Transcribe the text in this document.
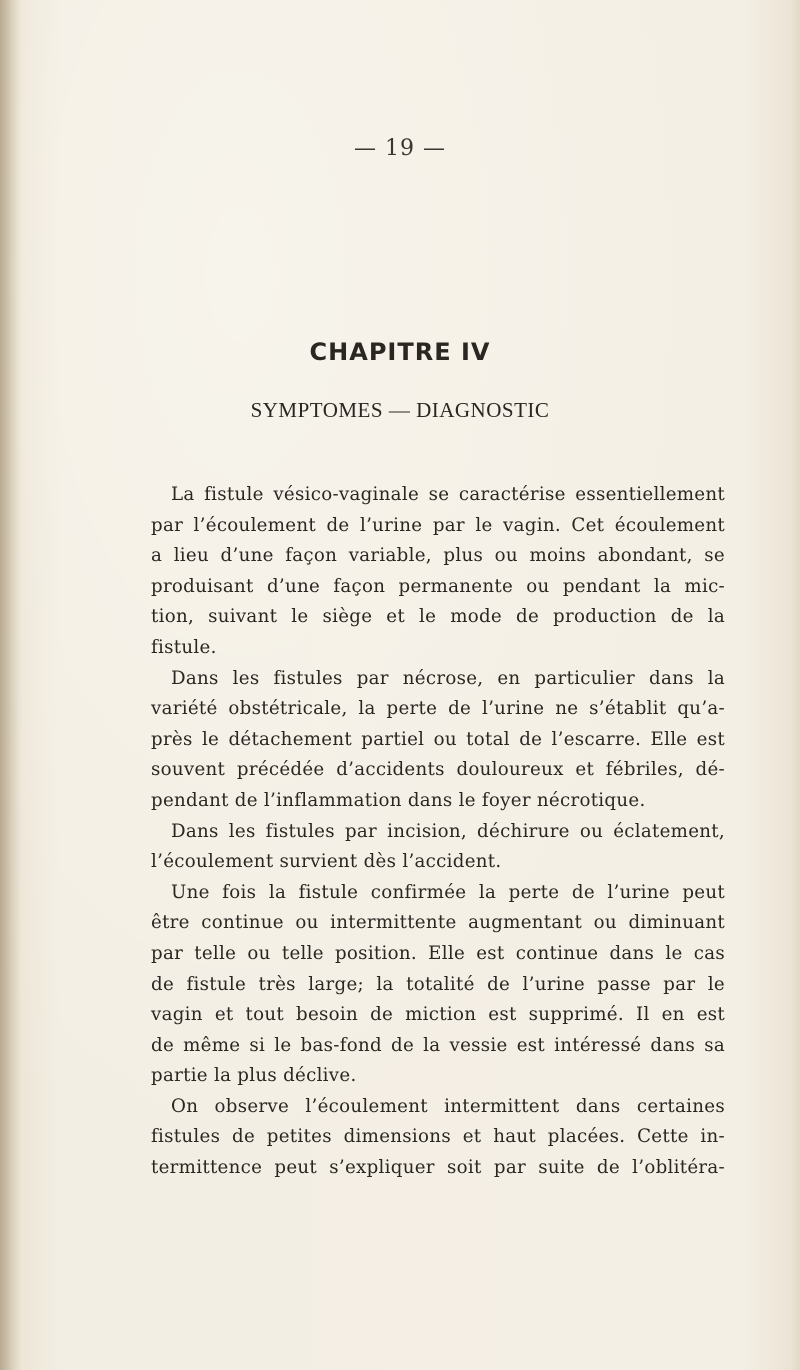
— 19 —
CHAPITRE IV
SYMPTOMES — DIAGNOSTIC
La fistule vésico-vaginale se caractérise essentiellement
par l’écoulement de l’urine par le vagin. Cet écoulement
a lieu d’une façon variable, plus ou moins abondant, se
produisant d’une façon permanente ou pendant la mic-
tion, suivant le siège et le mode de production de la
fistule.
Dans les fistules par nécrose, en particulier dans la
variété obstétricale, la perte de l’urine ne s’établit qu’a-
près le détachement partiel ou total de l’escarre. Elle est
souvent précédée d’accidents douloureux et fébriles, dé-
pendant de l’inflammation dans le foyer nécrotique.
Dans les fistules par incision, déchirure ou éclatement,
l’écoulement survient dès l’accident.
Une fois la fistule confirmée la perte de l’urine peut
être continue ou intermittente augmentant ou diminuant
par telle ou telle position. Elle est continue dans le cas
de fistule très large; la totalité de l’urine passe par le
vagin et tout besoin de miction est supprimé. Il en est
de même si le bas-fond de la vessie est intéressé dans sa
partie la plus déclive.
On observe l’écoulement intermittent dans certaines
fistules de petites dimensions et haut placées. Cette in-
termittence peut s’expliquer soit par suite de l’oblitéra-
